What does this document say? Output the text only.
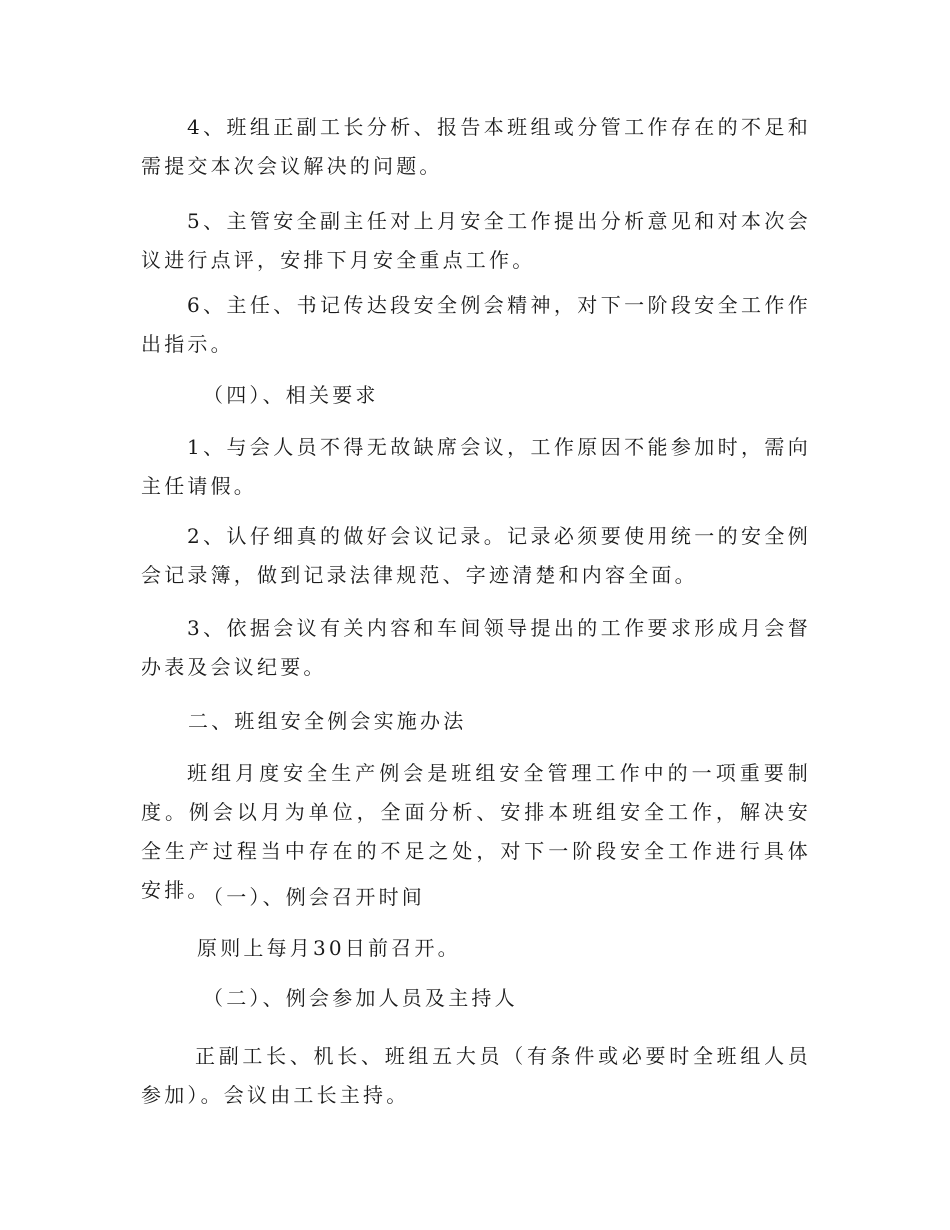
4、班组正副工长分析、报告本班组或分管工作存在的不足和需提交本次会议解决的问题。

5、主管安全副主任对上月安全工作提出分析意见和对本次会议进行点评，安排下月安全重点工作。

6、主任、书记传达段安全例会精神，对下一阶段安全工作作出指示。

（四）、相关要求

1、与会人员不得无故缺席会议，工作原因不能参加时，需向主任请假。

2、认仔细真的做好会议记录。记录必须要使用统一的安全例会记录簿，做到记录法律规范、字迹清楚和内容全面。

3、依据会议有关内容和车间领导提出的工作要求形成月会督办表及会议纪要。

二、班组安全例会实施办法

班组月度安全生产例会是班组安全管理工作中的一项重要制度。例会以月为单位，全面分析、安排本班组安全工作，解决安全生产过程当中存在的不足之处，对下一阶段安全工作进行具体安排。

（一）、例会召开时间

原则上每月30日前召开。

（二）、例会参加人员及主持人

正副工长、机长、班组五大员（有条件或必要时全班组人员参加）。会议由工长主持。
